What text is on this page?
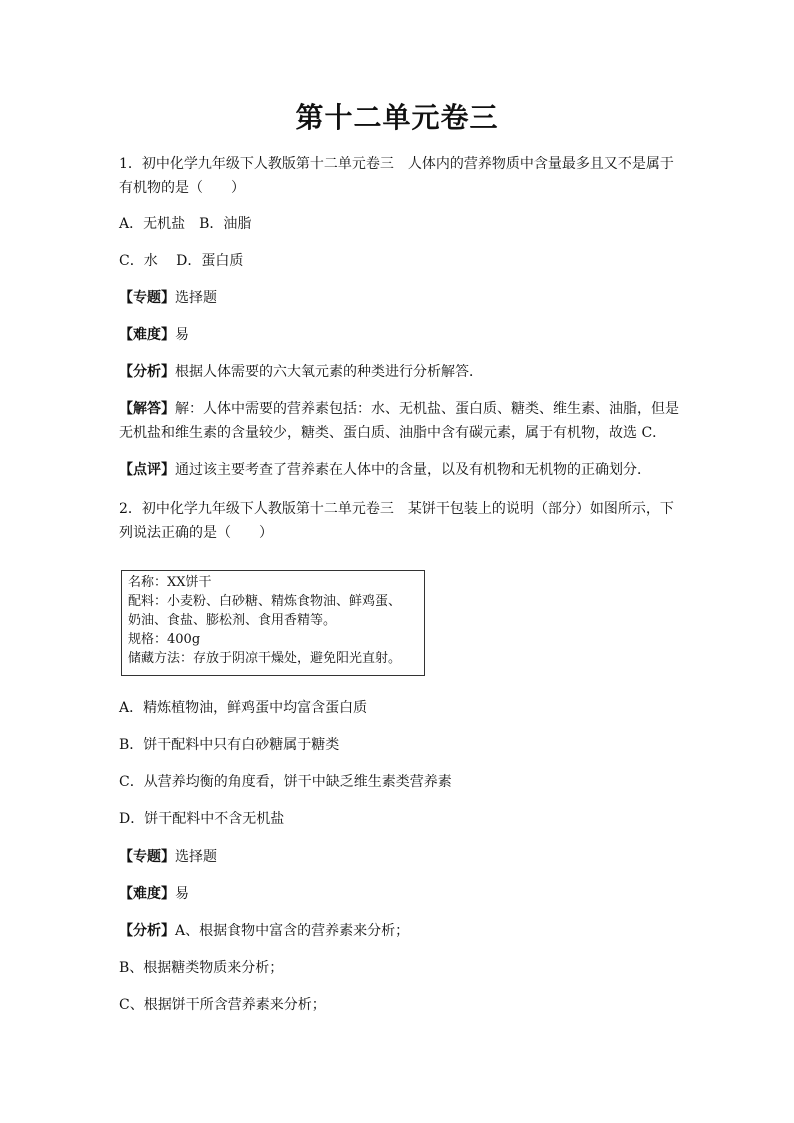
第十二单元卷三

1．初中化学九年级下人教版第十二单元卷三　人体内的营养物质中含量最多且又不是属于

有机物的是（　　）

A．无机盐　B．油脂

C．水　 D．蛋白质

【专题】选择题

【难度】易

【分析】根据人体需要的六大氧元素的种类进行分析解答．

【解答】解：人体中需要的营养素包括：水、无机盐、蛋白质、糖类、维生素、油脂，但是

无机盐和维生素的含量较少，糖类、蛋白质、油脂中含有碳元素，属于有机物，故选 C．

【点评】通过该主要考查了营养素在人体中的含量，以及有机物和无机物的正确划分．

2．初中化学九年级下人教版第十二单元卷三　某饼干包装上的说明（部分）如图所示，下

列说法正确的是（　　）

名称：XX饼干
配料：小麦粉、白砂糖、精炼食物油、鲜鸡蛋、
奶油、食盐、膨松剂、食用香精等。
规格：400g
储藏方法：存放于阴凉干燥处，避免阳光直射。

A．精炼植物油，鲜鸡蛋中均富含蛋白质

B．饼干配料中只有白砂糖属于糖类

C．从营养均衡的角度看，饼干中缺乏维生素类营养素

D．饼干配料中不含无机盐

【专题】选择题

【难度】易

【分析】A、根据食物中富含的营养素来分析；

B、根据糖类物质来分析；

C、根据饼干所含营养素来分析；
